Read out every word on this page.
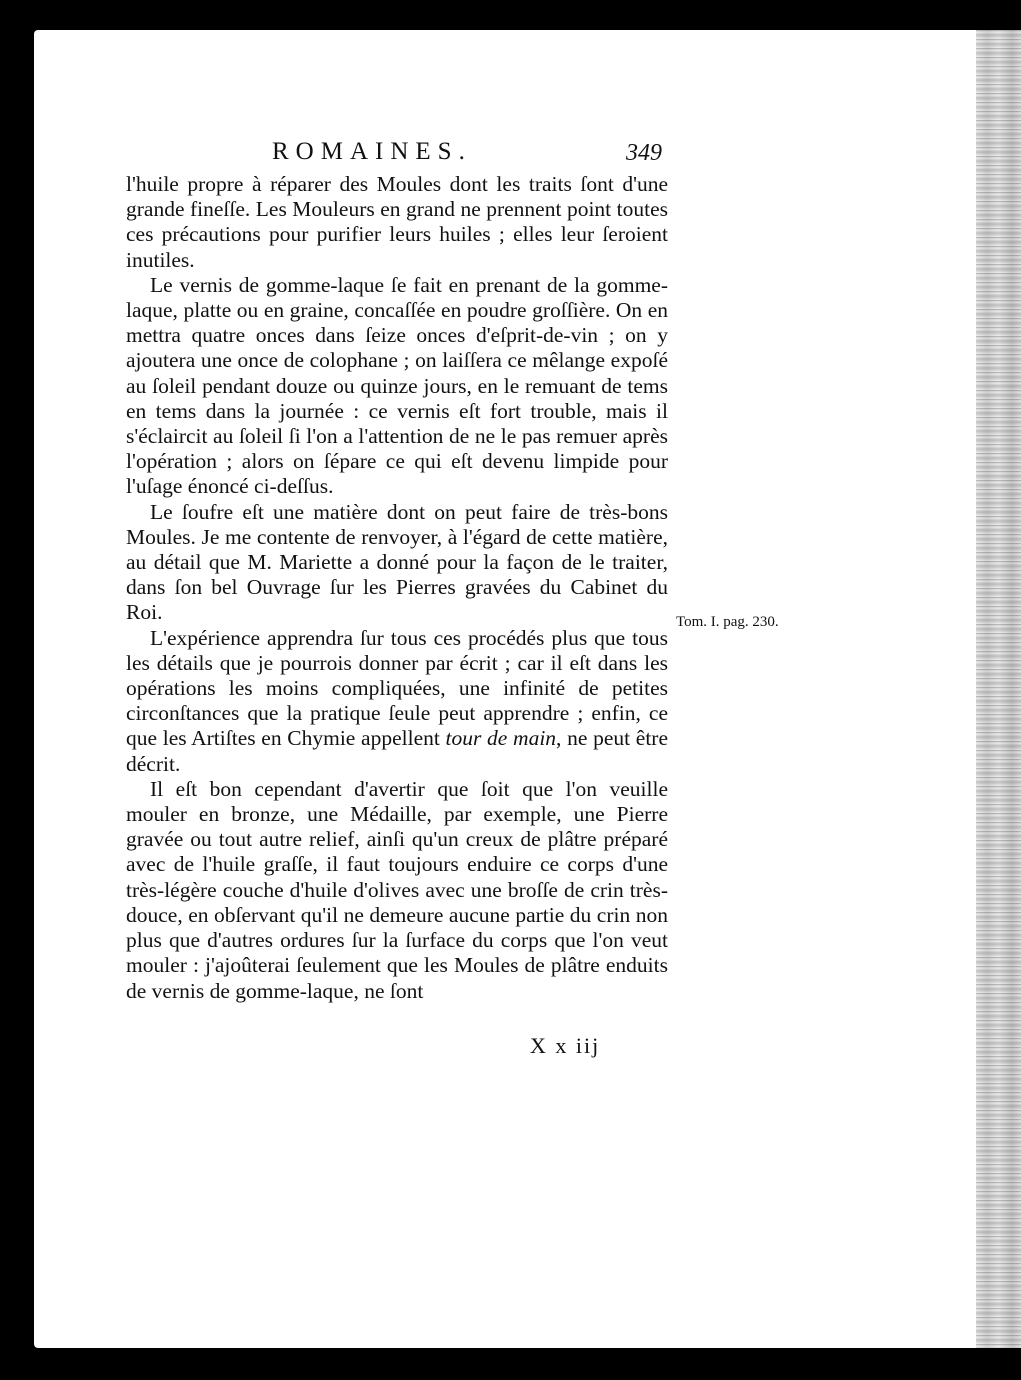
ROMAINES.	349

l'huile propre à réparer des Moules dont les traits ſont d'une grande fineſſe. Les Mouleurs en grand ne prennent point toutes ces précautions pour purifier leurs huiles ; elles leur ſeroient inutiles.

Le vernis de gomme-laque ſe fait en prenant de la gomme-laque, platte ou en graine, concaſſée en poudre groſſière. On en mettra quatre onces dans ſeize onces d'eſprit-de-vin ; on y ajoutera une once de colophane ; on laiſſera ce mêlange expoſé au ſoleil pendant douze ou quinze jours, en le remuant de tems en tems dans la journée : ce vernis eſt fort trouble, mais il s'éclaircit au ſoleil ſi l'on a l'attention de ne le pas remuer après l'opération ; alors on ſépare ce qui eſt devenu limpide pour l'uſage énoncé ci-deſſus.

Le ſoufre eſt une matière dont on peut faire de très-bons Moules. Je me contente de renvoyer, à l'égard de cette matière, au détail que M. Mariette a donné pour la façon de le traiter, dans ſon bel Ouvrage ſur les Pierres gravées du Cabinet du Roi.

L'expérience apprendra ſur tous ces procédés plus que tous les détails que je pourrois donner par écrit ; car il eſt dans les opérations les moins compliquées, une infinité de petites circonſtances que la pratique ſeule peut apprendre ; enfin, ce que les Artiſtes en Chymie appellent tour de main, ne peut être décrit.

Il eſt bon cependant d'avertir que ſoit que l'on veuille mouler en bronze, une Médaille, par exemple, une Pierre gravée ou tout autre relief, ainſi qu'un creux de plâtre préparé avec de l'huile graſſe, il faut toujours enduire ce corps d'une très-légère couche d'huile d'olives avec une broſſe de crin très-douce, en obſervant qu'il ne demeure aucune partie du crin non plus que d'autres ordures ſur la ſurface du corps que l'on veut mouler : j'ajoûterai ſeulement que les Moules de plâtre enduits de vernis de gomme-laque, ne ſont

Tom. I. pag. 230.
X x iij
